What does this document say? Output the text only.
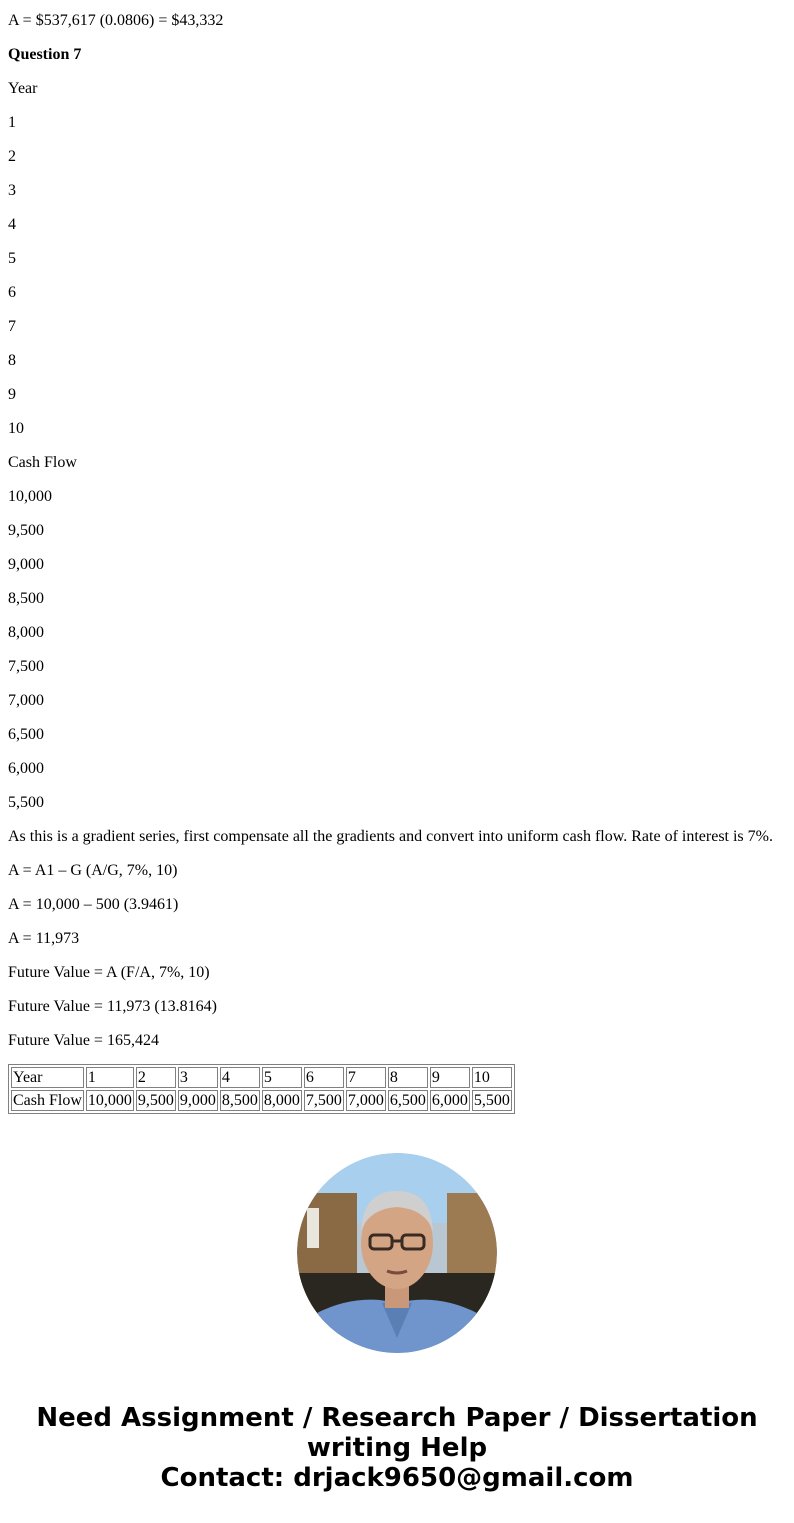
A = $537,617 (0.0806) = $43,332

Question 7

Year

1

2

3

4

5

6

7

8

9

10

Cash Flow

10,000

9,500

9,000

8,500

8,000

7,500

7,000

6,500

6,000

5,500

As this is a gradient series, first compensate all the gradients and convert into uniform cash flow. Rate of interest is 7%.

A = A1 – G (A/G, 7%, 10)

A = 10,000 – 500 (3.9461)

A = 11,973

Future Value = A (F/A, 7%, 10)

Future Value = 11,973 (13.8164)

Future Value = 165,424

Year	1	2	3	4	5	6	7	8	9	10
Cash Flow	10,000	9,500	9,000	8,500	8,000	7,500	7,000	6,500	6,000	5,500
Need Assignment / Research Paper / Dissertation
writing Help
Contact: drjack9650@gmail.com
